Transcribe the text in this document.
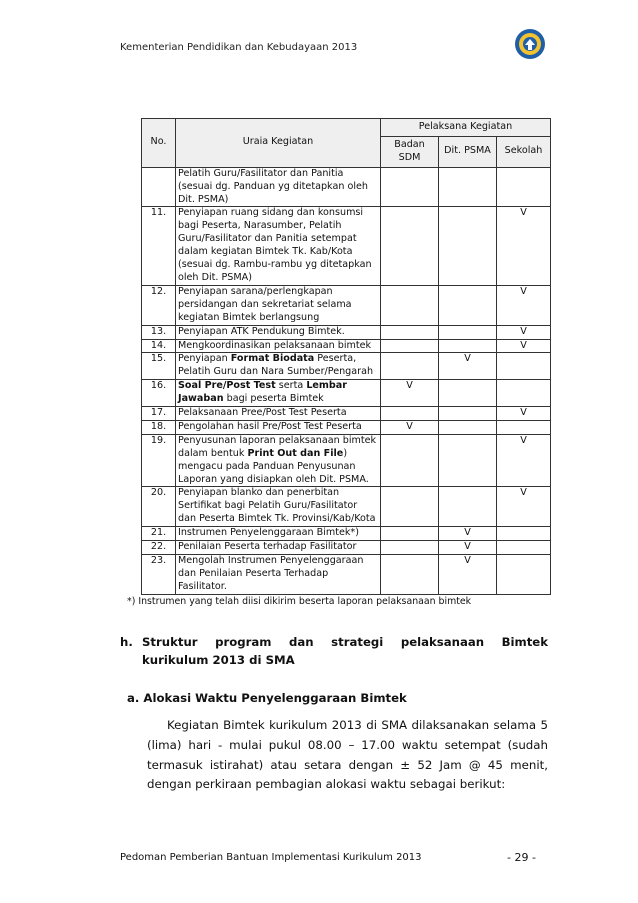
Kementerian Pendidikan dan Kebudayaan 2013
No.	Uraia Kegiatan	Pelaksana Kegiatan		
		Badan SDM	Dit. PSMA	Sekolah
	Pelatih Guru/Fasilitator dan Panitia (sesuai dg. Panduan yg ditetapkan oleh Dit. PSMA)			
11.	Penyiapan ruang sidang dan konsumsi bagi Peserta, Narasumber, Pelatih Guru/Fasilitator dan Panitia setempat dalam kegiatan Bimtek Tk. Kab/Kota (sesuai dg. Rambu-rambu yg ditetapkan oleh Dit. PSMA)			V
12.	Penyiapan sarana/perlengkapan persidangan dan sekretariat selama kegiatan Bimtek berlangsung			V
13.	Penyiapan ATK Pendukung Bimtek.			V
14.	Mengkoordinasikan pelaksanaan bimtek			V
15.	Penyiapan Format Biodata Peserta, Pelatih Guru dan Nara Sumber/Pengarah		V	
16.	Soal Pre/Post Test serta Lembar Jawaban bagi peserta Bimtek	V		
17.	Pelaksanaan Pree/Post Test Peserta			V
18.	Pengolahan hasil Pre/Post Test Peserta	V		
19.	Penyusunan laporan pelaksanaan bimtek dalam bentuk Print Out dan File) mengacu pada Panduan Penyusunan Laporan yang disiapkan oleh Dit. PSMA.			V
20.	Penyiapan blanko dan penerbitan Sertifikat bagi Pelatih Guru/Fasilitator dan Peserta Bimtek Tk. Provinsi/Kab/Kota			V
21.	Instrumen Penyelenggaraan Bimtek*)		V	
22.	Penilaian Peserta terhadap Fasilitator		V	
23.	Mengolah Instrumen Penyelenggaraan dan Penilaian Peserta Terhadap Fasilitator.		V	
*) Instrumen yang telah diisi dikirim beserta laporan pelaksanaan bimtek
h. Struktur program dan strategi pelaksanaan Bimtek kurikulum 2013 di SMA
a. Alokasi Waktu Penyelenggaraan Bimtek
Kegiatan Bimtek kurikulum 2013 di SMA dilaksanakan selama 5 (lima) hari - mulai pukul 08.00 – 17.00 waktu setempat (sudah termasuk istirahat) atau setara dengan ± 52 Jam @ 45 menit, dengan perkiraan pembagian alokasi waktu sebagai berikut:
Pedoman Pemberian Bantuan Implementasi Kurikulum 2013	- 29 -
